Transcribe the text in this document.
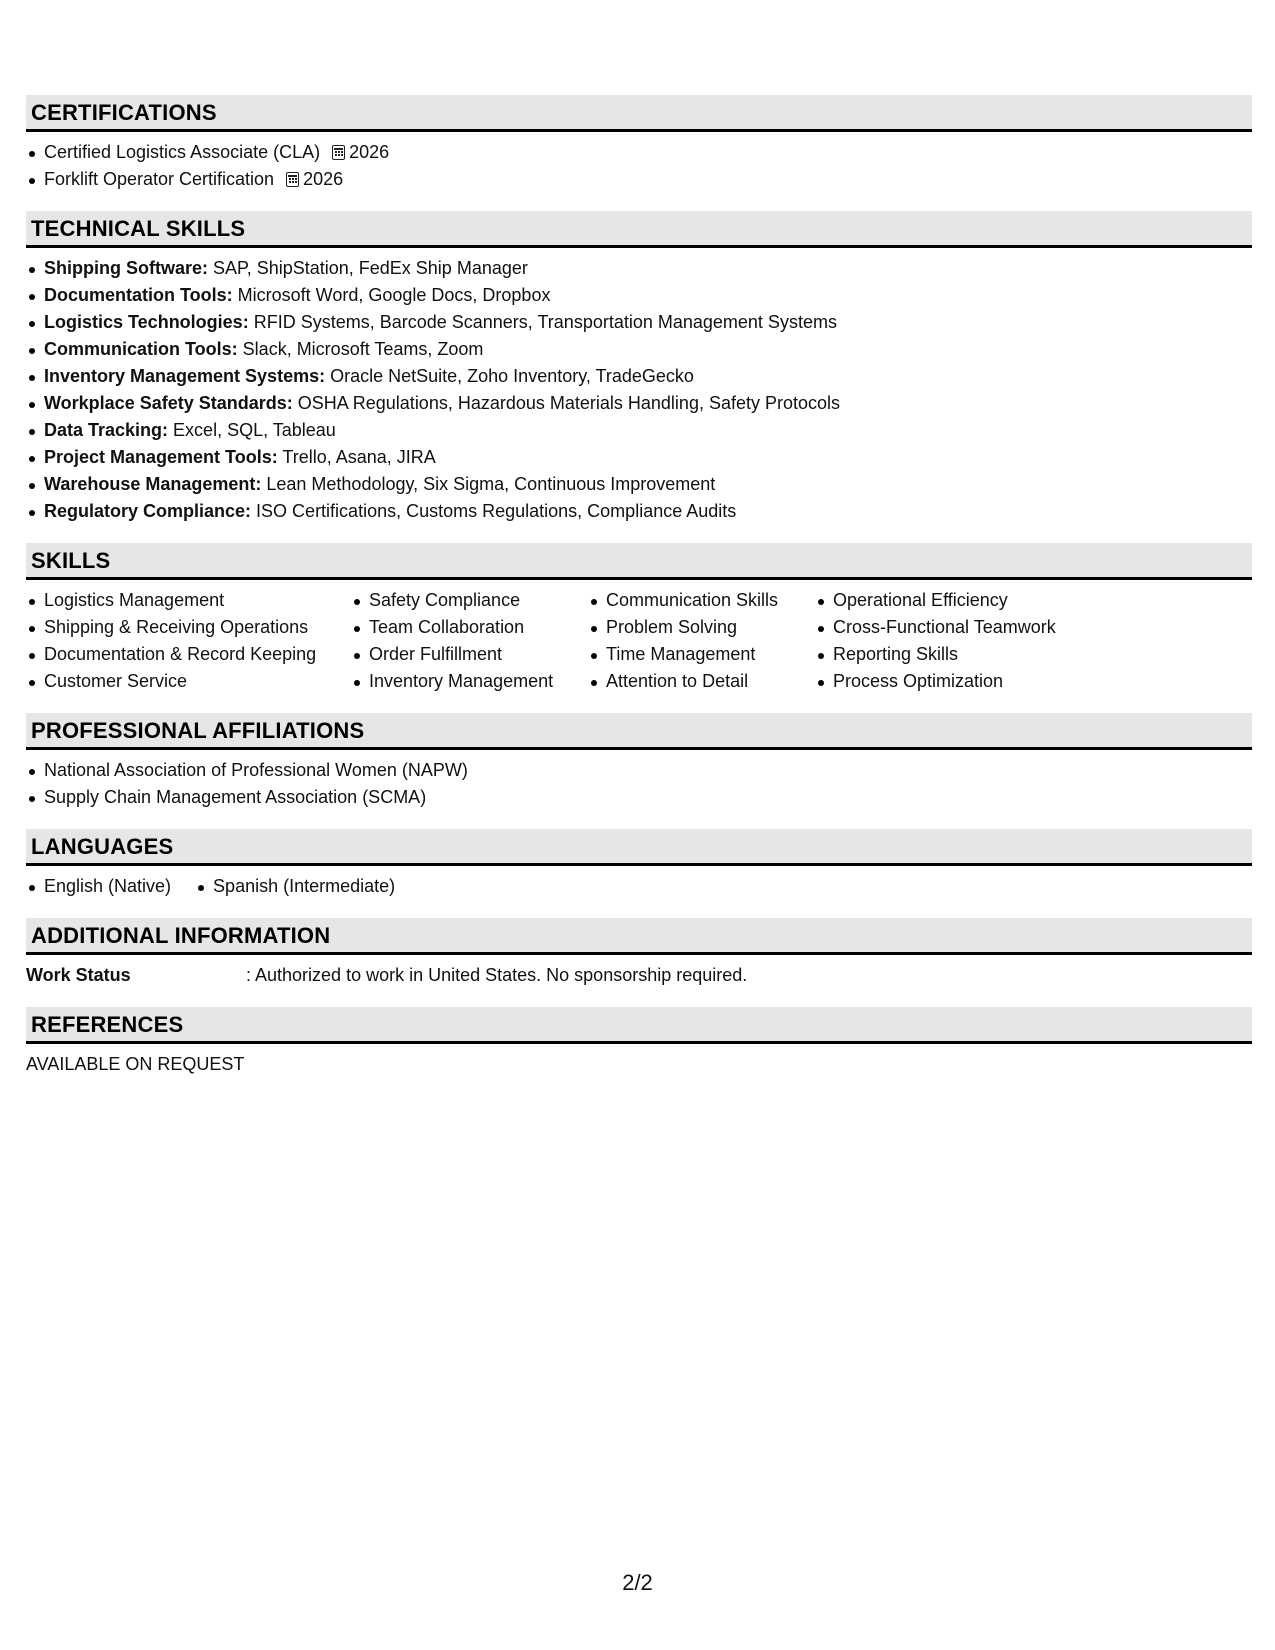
CERTIFICATIONS
Certified Logistics Associate (CLA) 2026
Forklift Operator Certification 2026
TECHNICAL SKILLS
Shipping Software: SAP, ShipStation, FedEx Ship Manager
Documentation Tools: Microsoft Word, Google Docs, Dropbox
Logistics Technologies: RFID Systems, Barcode Scanners, Transportation Management Systems
Communication Tools: Slack, Microsoft Teams, Zoom
Inventory Management Systems: Oracle NetSuite, Zoho Inventory, TradeGecko
Workplace Safety Standards: OSHA Regulations, Hazardous Materials Handling, Safety Protocols
Data Tracking: Excel, SQL, Tableau
Project Management Tools: Trello, Asana, JIRA
Warehouse Management: Lean Methodology, Six Sigma, Continuous Improvement
Regulatory Compliance: ISO Certifications, Customs Regulations, Compliance Audits
SKILLS
Logistics Management
Shipping & Receiving Operations
Documentation & Record Keeping
Customer Service
Safety Compliance
Team Collaboration
Order Fulfillment
Inventory Management
Communication Skills
Problem Solving
Time Management
Attention to Detail
Operational Efficiency
Cross-Functional Teamwork
Reporting Skills
Process Optimization
PROFESSIONAL AFFILIATIONS
National Association of Professional Women (NAPW)
Supply Chain Management Association (SCMA)
LANGUAGES
English (Native)	Spanish (Intermediate)
ADDITIONAL INFORMATION
Work Status	: Authorized to work in United States. No sponsorship required.
REFERENCES
AVAILABLE ON REQUEST
2/2
